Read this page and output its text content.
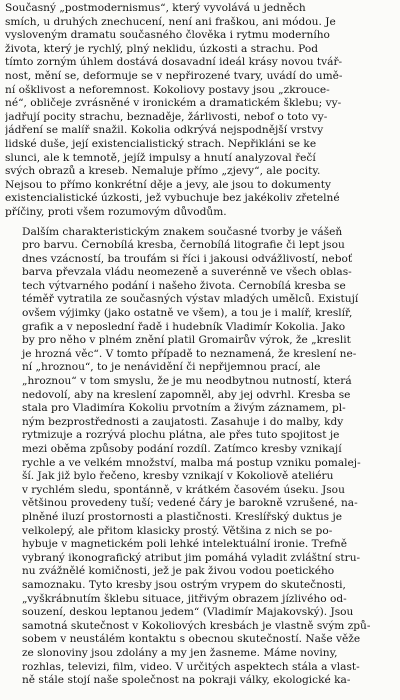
Současný „postmodernismus“, který vyvolává u jedněch
smích, u druhých znechucení, není ani fraškou, ani módou. Je
vysloveným dramatu současného člověka i rytmu moderního
života, který je rychlý, plný neklidu, úzkosti a strachu. Pod
tímto zorným úhlem dostává dosavadní ideál krásy novou tvář-
nost, mění se, deformuje se v nepřirozené tvary, uvádí do umě-
ní ošklivost a neforemnost. Kokoliovy postavy jsou „zkrouce-
né“, obličeje zvrásněné v ironickém a dramatickém šklebu; vy-
jadřují pocity strachu, beznaděje, žárlivosti, nebof o toto vy-
jádření se malíř snažil. Kokolia odkrývá nejspodnější vrstvy
lidské duše, její existencialistický strach. Nepřikláni se ke
slunci, ale k temnotě, jejíž impulsy a hnutí analyzoval řečí
svých obrazů a kreseb. Nemaluje přímo „zjevy“, ale pocity.
Nejsou to přímo konkrétní děje a jevy, ale jsou to dokumenty
existencialistické úzkosti, jež vybuchuje bez jakékoliv zřetelné
příčiny, proti všem rozumovým důvodům.

Dalším charakteristickým znakem současné tvorby je vášeň
pro barvu. Černobílá kresba, černobílá litografie či lept jsou
dnes vzácností, ba troufám si říci i jakousi odvážlivostí, neboť
barva převzala vládu neomezeně a suverénně ve všech oblas-
tech výtvarného podání i našeho života. Černobílá kresba se
téměř vytratila ze současných výstav mladých umělců. Existují
ovšem výjimky (jako ostatně ve všem), a tou je i malíř, kreslíř,
grafik a v neposlední řadě i hudebník Vladimír Kokolia. Jako
by pro něho v plném znění platil Gromairův výrok, že „kreslit
je hrozná věc“. V tomto případě to neznamená, že kreslení ne-
ní „hroznou“, to je nenávidění či nepřijemnou prací, ale
„hroznou“ v tom smyslu, že je mu neodbytnou nutností, která
nedovolí, aby na kreslení zapomněl, aby jej odvrhl. Kresba se
stala pro Vladimíra Kokoliu prvotním a živým záznamem, pl-
ným bezprostřednosti a zaujatosti. Zasahuje i do malby, kdy
rytmizuje a rozrývá plochu plátna, ale přes tuto spojitost je
mezi oběma způsoby podání rozdíl. Zatímco kresby vznikají
rychle a ve velkém množství, malba má postup vzniku pomalej-
ší. Jak již bylo řečeno, kresby vznikají v Kokoliově ateliéru
v rychlém sledu, spontánně, v krátkém časovém úseku. Jsou
většinou provedeny tuší; vedené čáry je barokně vzrušené, na-
plněné iluzí prostornosti a plastičnosti. Kreslířský duktus je
velkolepý, ale přitom klasicky prostý. Většina z nich se po-
hybuje v magnetickém poli lehké intelektuální ironie. Trefně
vybraný ikonografický atribut jim pomáhá vyladit zvláštní stru-
nu zvážnělé komičnosti, jež je pak živou vodou poetického
samoznaku. Tyto kresby jsou ostrým vrypem do skutečnosti,
„vyškrábnutím šklebu situace, jitřivým obrazem jízlivého od-
souzení, deskou leptanou jedem“ (Vladimír Majakovský). Jsou
samotná skutečnost v Kokoliových kresbách je vlastně svým způ-
sobem v neustálém kontaktu s obecnou skutečností. Naše věže
ze slonoviny jsou zdolány a my jen žasneme. Máme noviny,
rozhlas, televizi, film, video. V určitých aspektech stála a vlast-
ně stále stojí naše společnost na pokraji války, ekologické ka-
